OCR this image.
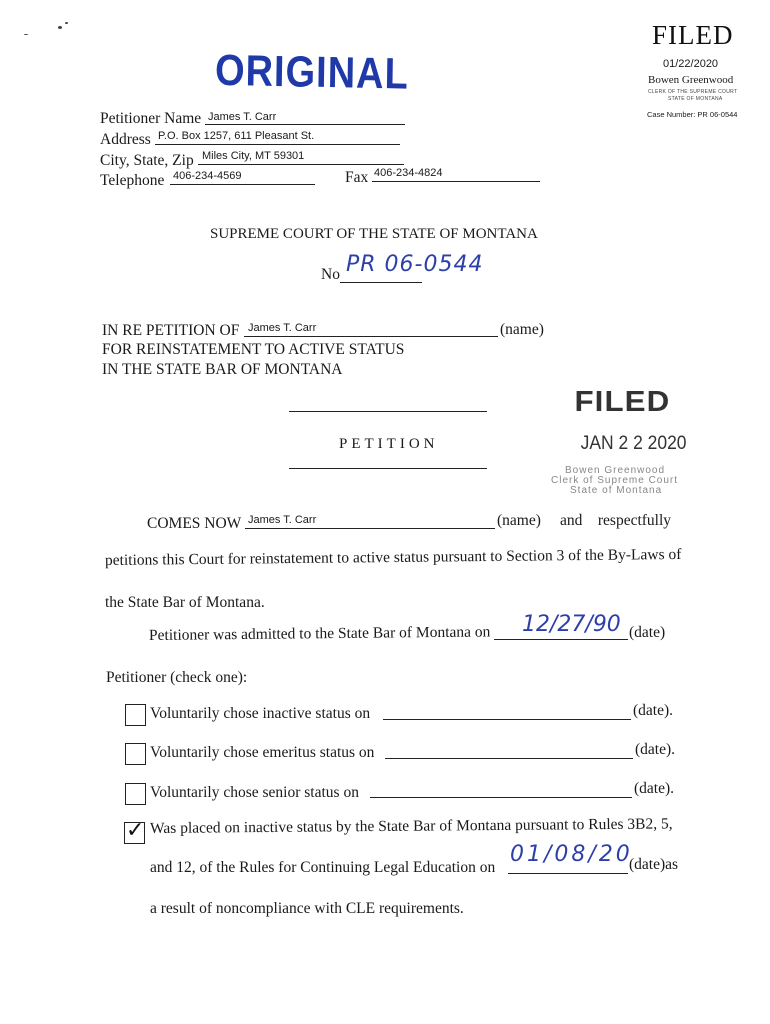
FILED
01/22/2020
Bowen Greenwood
CLERK OF THE SUPREME COURT
STATE OF MONTANA
Case Number: PR 06-0544
ORIGINAL
Petitioner Name James T. Carr
Address P.O. Box 1257, 611 Pleasant St.
City, State, Zip Miles City, MT 59301
Telephone 406-234-4569	Fax 406-234-4824
SUPREME COURT OF THE STATE OF MONTANA
No PR 06-0544
IN RE PETITION OF James T. Carr	(name)
FOR REINSTATEMENT TO ACTIVE STATUS
IN THE STATE BAR OF MONTANA
PETITION
FILED
JAN 2 2 2020
Bowen Greenwood
Clerk of Supreme Court
State of Montana
COMES NOW James T. Carr	(name) and    respectfully
petitions this Court for reinstatement to active status pursuant to Section 3 of the By-Laws of
the State Bar of Montana.
Petitioner was admitted to the State Bar of Montana on 12/27/90 (date)
Petitioner (check one):
Voluntarily chose inactive status on	(date).
Voluntarily chose emeritus status on	(date).
Voluntarily chose senior status on	(date).
✓ Was placed on inactive status by the State Bar of Montana pursuant to Rules 3B2, 5,
and 12, of the Rules for Continuing Legal Education on
01/08/20
(date)as
a result of noncompliance with CLE requirements.
